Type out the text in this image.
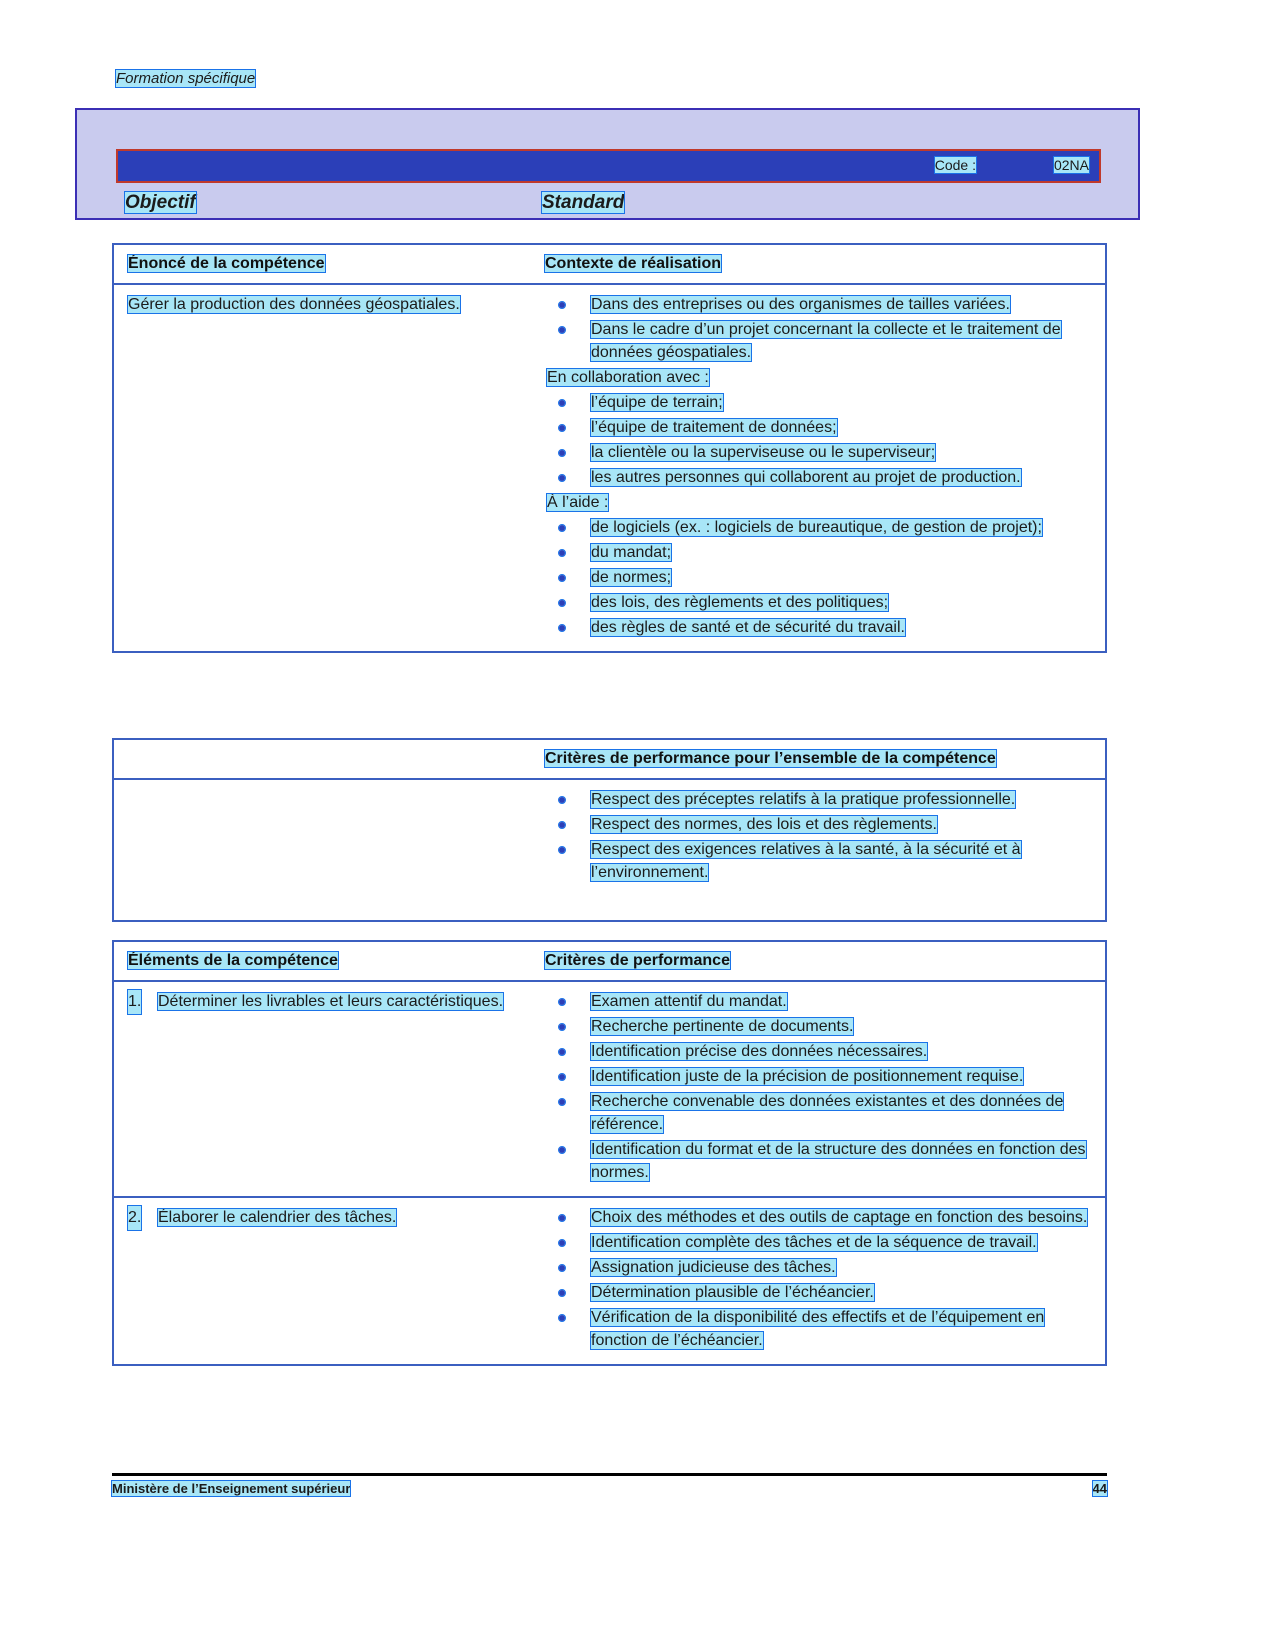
Formation spécifique
Code :	02NA
Objectif	Standard
Énoncé de la compétence	Contexte de réalisation
Gérer la production des données géospatiales.	Dans des entreprises ou des organismes de tailles variées.
Dans le cadre d’un projet concernant la collecte et le traitement de données géospatiales.
En collaboration avec :
l’équipe de terrain;
l’équipe de traitement de données;
la clientèle ou la superviseuse ou le superviseur;
les autres personnes qui collaborent au projet de production.
À l’aide :
de logiciels (ex. : logiciels de bureautique, de gestion de projet);
du mandat;
de normes;
des lois, des règlements et des politiques;
des règles de santé et de sécurité du travail.
Critères de performance pour l’ensemble de la compétence
Respect des préceptes relatifs à la pratique professionnelle.
Respect des normes, des lois et des règlements.
Respect des exigences relatives à la santé, à la sécurité et à l’environnement.
Éléments de la compétence	Critères de performance
1. Déterminer les livrables et leurs caractéristiques.	Examen attentif du mandat.
Recherche pertinente de documents.
Identification précise des données nécessaires.
Identification juste de la précision de positionnement requise.
Recherche convenable des données existantes et des données de référence.
Identification du format et de la structure des données en fonction des normes.
2. Élaborer le calendrier des tâches.	Choix des méthodes et des outils de captage en fonction des besoins.
Identification complète des tâches et de la séquence de travail.
Assignation judicieuse des tâches.
Détermination plausible de l’échéancier.
Vérification de la disponibilité des effectifs et de l’équipement en fonction de l’échéancier.
Ministère de l’Enseignement supérieur	44
